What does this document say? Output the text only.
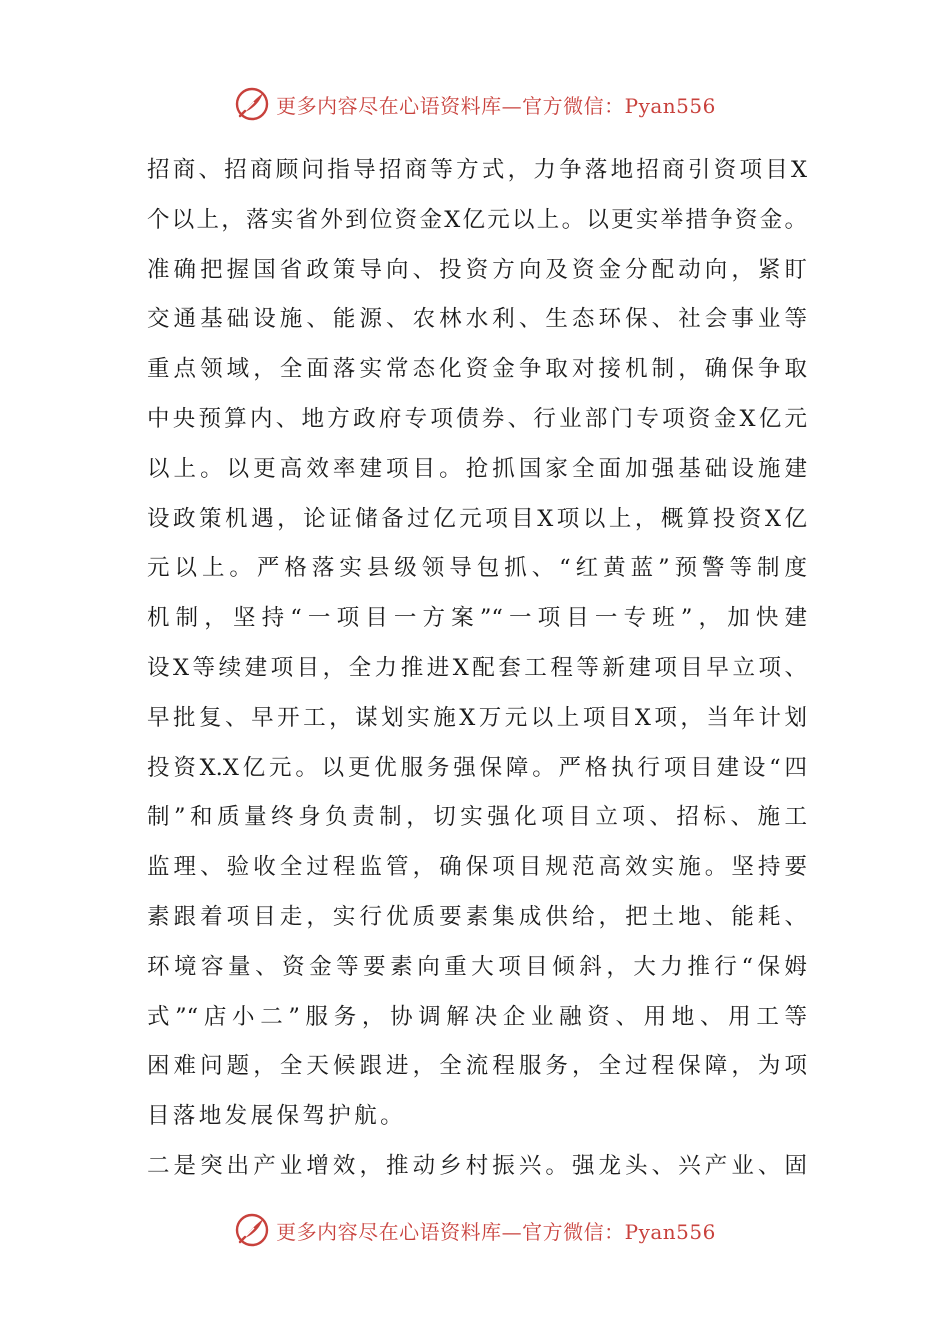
更多内容尽在心语资料库—官方微信：Pyan556
招商、招商顾问指导招商等方式，力争落地招商引资项目X
个以上，落实省外到位资金X亿元以上。以更实举措争资金。
准确把握国省政策导向、投资方向及资金分配动向，紧盯
交通基础设施、能源、农林水利、生态环保、社会事业等
重点领域，全面落实常态化资金争取对接机制，确保争取
中央预算内、地方政府专项债券、行业部门专项资金X亿元
以上。以更高效率建项目。抢抓国家全面加强基础设施建
设政策机遇，论证储备过亿元项目X项以上，概算投资X亿
元以上。严格落实县级领导包抓、“红黄蓝”预警等制度
机制，坚持“一项目一方案”“一项目一专班”，加快建
设X等续建项目，全力推进X配套工程等新建项目早立项、
早批复、早开工，谋划实施X万元以上项目X项，当年计划
投资X.X亿元。以更优服务强保障。严格执行项目建设“四
制”和质量终身负责制，切实强化项目立项、招标、施工
监理、验收全过程监管，确保项目规范高效实施。坚持要
素跟着项目走，实行优质要素集成供给，把土地、能耗、
环境容量、资金等要素向重大项目倾斜，大力推行“保姆
式”“店小二”服务，协调解决企业融资、用地、用工等
困难问题，全天候跟进，全流程服务，全过程保障，为项
目落地发展保驾护航。
二是突出产业增效，推动乡村振兴。强龙头、兴产业、固
更多内容尽在心语资料库—官方微信：Pyan556
